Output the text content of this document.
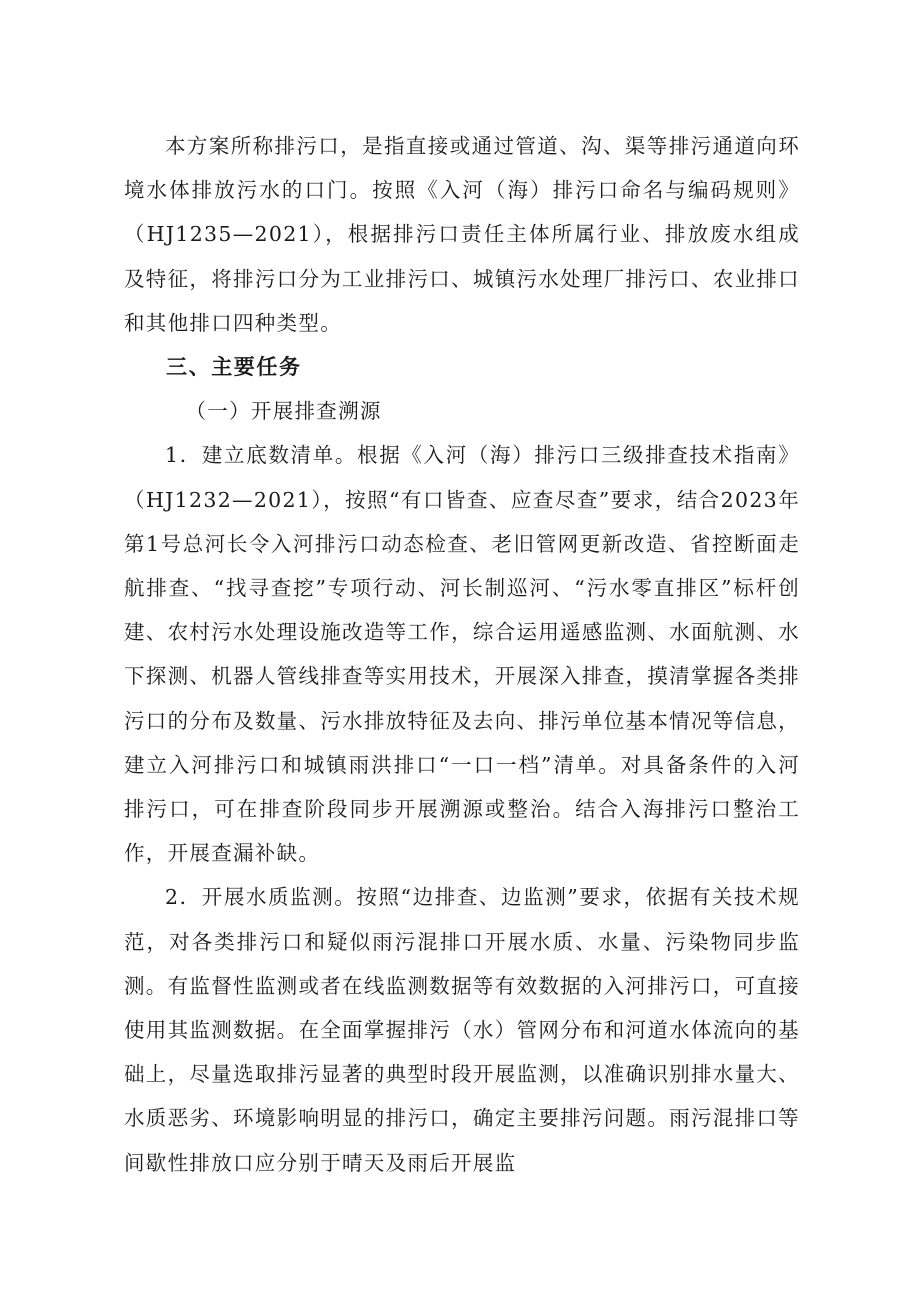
本方案所称排污口，是指直接或通过管道、沟、渠等排污通道向环境水体排放污水的口门。按照《入河（海）排污口命名与编码规则》（HJ1235—2021），根据排污口责任主体所属行业、排放废水组成及特征，将排污口分为工业排污口、城镇污水处理厂排污口、农业排口和其他排口四种类型。

三、主要任务

（一）开展排查溯源

1．建立底数清单。根据《入河（海）排污口三级排查技术指南》（HJ1232—2021），按照“有口皆查、应查尽查”要求，结合2023年第1号总河长令入河排污口动态检查、老旧管网更新改造、省控断面走航排查、“找寻查挖”专项行动、河长制巡河、“污水零直排区”标杆创建、农村污水处理设施改造等工作，综合运用遥感监测、水面航测、水下探测、机器人管线排查等实用技术，开展深入排查，摸清掌握各类排污口的分布及数量、污水排放特征及去向、排污单位基本情况等信息，建立入河排污口和城镇雨洪排口“一口一档”清单。对具备条件的入河排污口，可在排查阶段同步开展溯源或整治。结合入海排污口整治工作，开展查漏补缺。

2．开展水质监测。按照“边排查、边监测”要求，依据有关技术规范，对各类排污口和疑似雨污混排口开展水质、水量、污染物同步监测。有监督性监测或者在线监测数据等有效数据的入河排污口，可直接使用其监测数据。在全面掌握排污（水）管网分布和河道水体流向的基础上，尽量选取排污显著的典型时段开展监测，以准确识别排水量大、水质恶劣、环境影响明显的排污口，确定主要排污问题。雨污混排口等间歇性排放口应分别于晴天及雨后开展监
